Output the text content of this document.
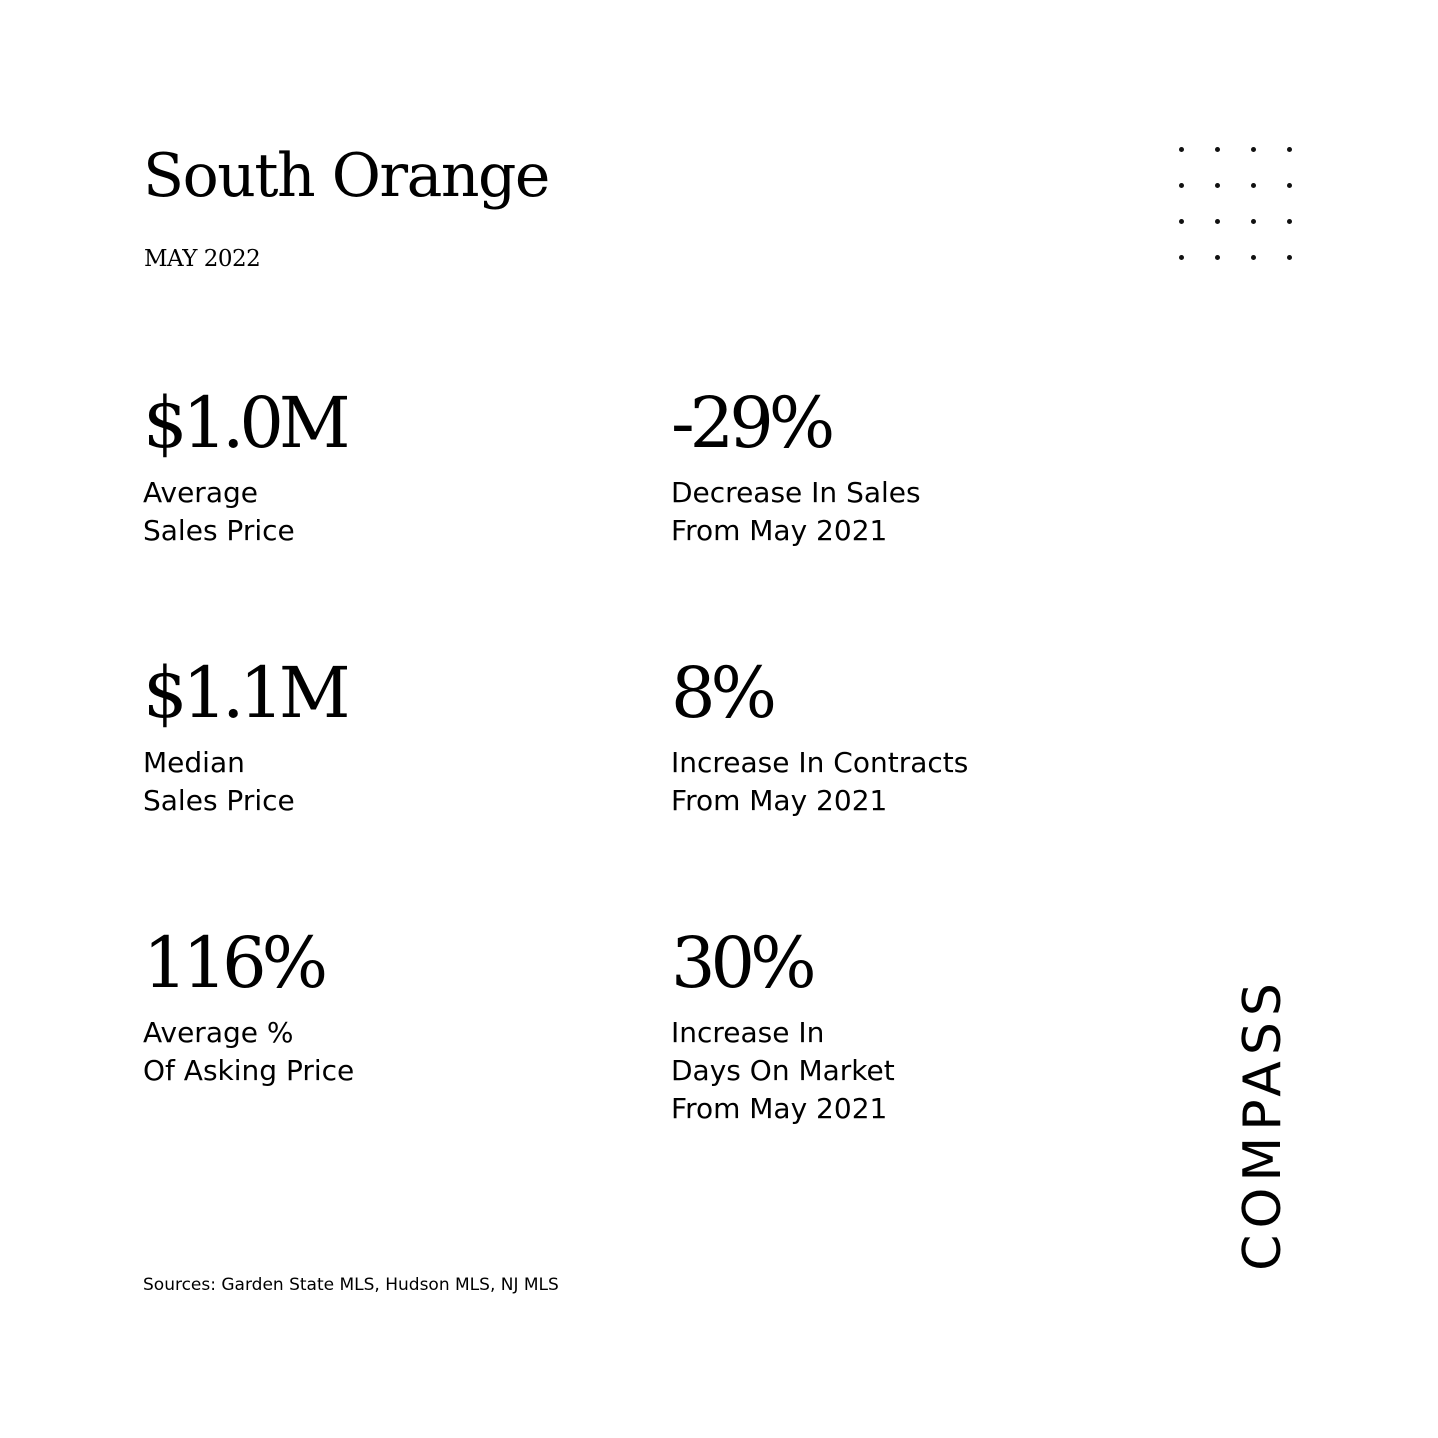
South Orange
MAY 2022
$1.0M
Average
Sales Price
-29%
Decrease In Sales
From May 2021
$1.1M
Median
Sales Price
8%
Increase In Contracts
From May 2021
116%
Average %
Of Asking Price
30%
Increase In
Days On Market
From May 2021
Sources: Garden State MLS, Hudson MLS, NJ MLS
COMPASS
